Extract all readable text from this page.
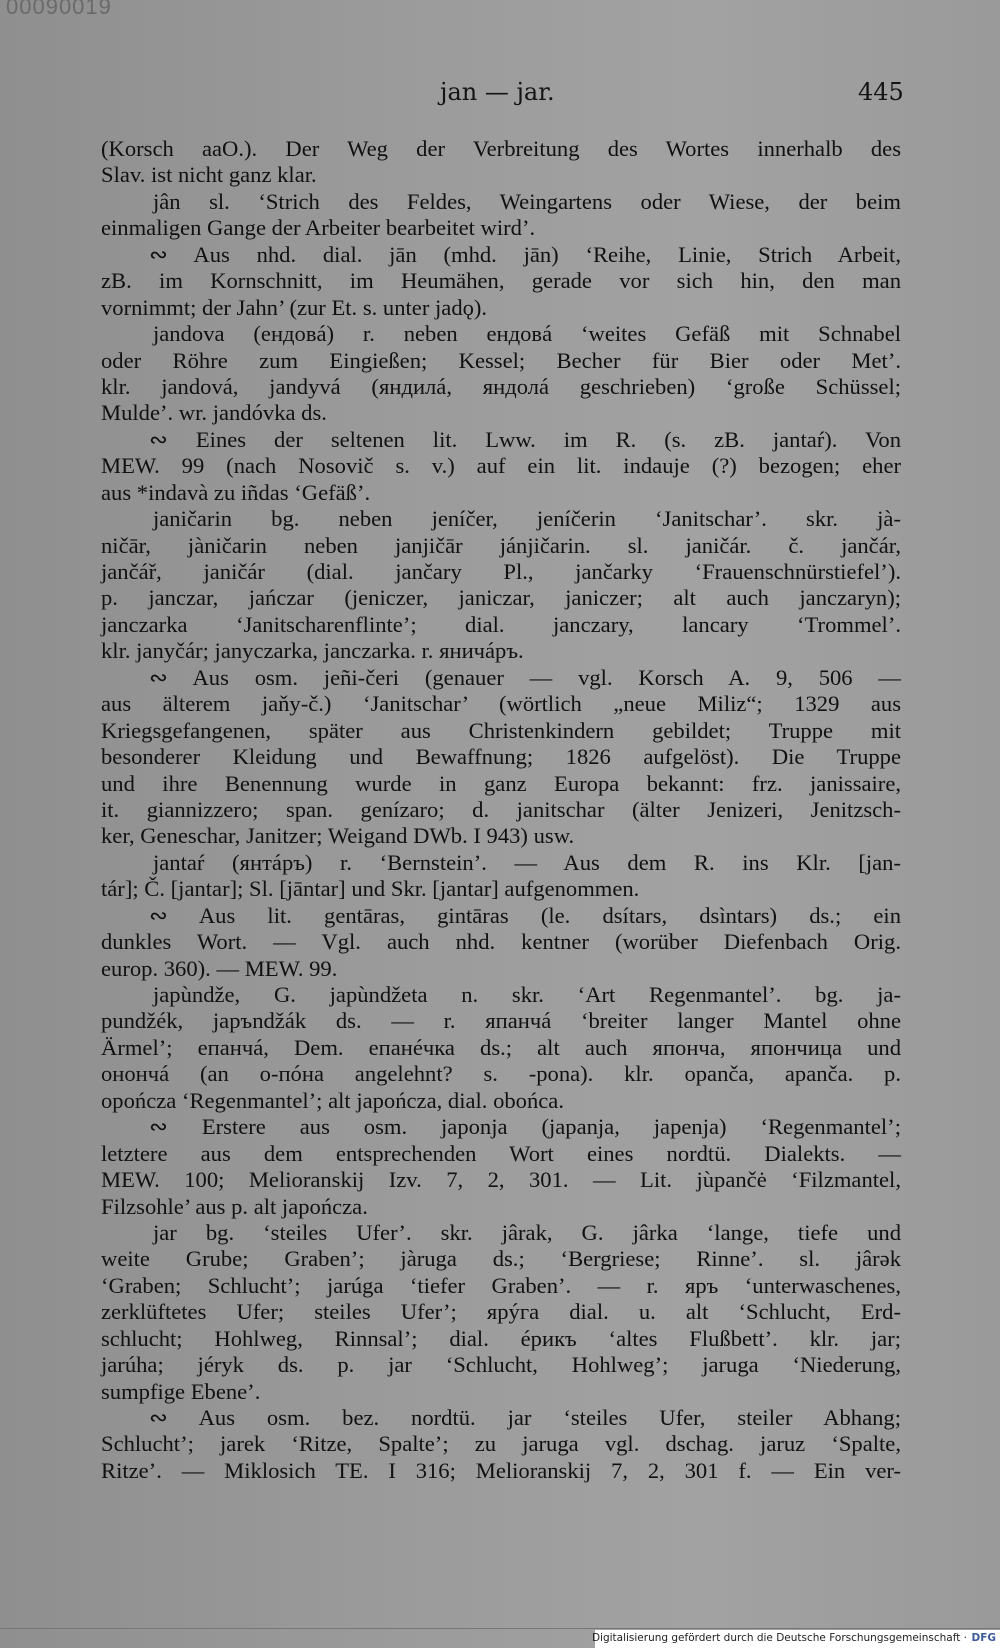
00090019
jan — jar.	445
(Korsch aaO.). Der Weg der Verbreitung des Wortes innerhalb des
Slav. ist nicht ganz klar.
jân sl. ‘Strich des Feldes, Weingartens oder Wiese, der beim
einmaligen Gange der Arbeiter bearbeitet wird’.
∾ Aus nhd. dial. jān (mhd. jān) ‘Reihe, Linie, Strich Arbeit,
zB. im Kornschnitt, im Heumähen, gerade vor sich hin, den man
vornimmt; der Jahn’ (zur Et. s. unter jadǫ).
jandova (ендовá) r. neben ендовá ‘weites Gefäß mit Schnabel
oder Röhre zum Eingießen; Kessel; Becher für Bier oder Met’.
klr. jandová, jandyvá (яндилá, яндолá geschrieben) ‘große Schüssel;
Mulde’. wr. jandóvka ds.
∾ Eines der seltenen lit. Lww. im R. (s. zB. jantaŕ). Von
MEW. 99 (nach Nosovič s. v.) auf ein lit. indauje (?) bezogen; eher
aus *indavà zu iñdas ‘Gefäß’.
janičarin bg. neben jeníčer, jeníčerin ‘Janitschar’. skr. jà-
ničār, jàničarin neben janjičār jánjičarin. sl. janičár. č. jančár,
jančář, janičár (dial. jančary Pl., jančarky ‘Frauenschnürstiefel’).
p. janczar, jańczar (jeniczer, janiczar, janiczer; alt auch janczaryn);
janczarka ‘Janitscharenflinte’; dial. janczary, lancary ‘Trommel’.
klr. janyčár; janyczarka, janczarka. r. яничáръ.
∾ Aus osm. jeñi-čeri (genauer — vgl. Korsch A. 9, 506 —
aus älterem jaňy-č.) ‘Janitschar’ (wörtlich „neue Miliz“; 1329 aus
Kriegsgefangenen, später aus Christenkindern gebildet; Truppe mit
besonderer Kleidung und Bewaffnung; 1826 aufgelöst). Die Truppe
und ihre Benennung wurde in ganz Europa bekannt: frz. janissaire,
it. giannizzero; span. genízaro; d. janitschar (älter Jenizeri, Jenitzsch-
ker, Geneschar, Janitzer; Weigand DWb. I 943) usw.
jantaŕ (янтáръ) r. ‘Bernstein’. — Aus dem R. ins Klr. [jan-
tár]; Č. [jantar]; Sl. [jāntar] und Skr. [jantar] aufgenommen.
∾ Aus lit. gentāras, gintāras (le. dsítars, dsìntars) ds.; ein
dunkles Wort. — Vgl. auch nhd. kentner (worüber Diefenbach Orig.
europ. 360). — MEW. 99.
japùndže, G. japùndžeta n. skr. ‘Art Regenmantel’. bg. ja-
pundžék, japъndžák ds. — r. япанчá ‘breiter langer Mantel ohne
Ärmel’; епанчá, Dem. епанéчка ds.; alt auch японча, япончица und
онончá (an о-пóна angelehnt? s. -pona). klr. opanča, apanča. p.
opończa ‘Regenmantel’; alt japończa, dial. obońca.
∾ Erstere aus osm. japonja (japanja, japenja) ‘Regenmantel’;
letztere aus dem entsprechenden Wort eines nordtü. Dialekts. —
MEW. 100; Melioranskij Izv. 7, 2, 301. — Lit. jùpančė ‘Filzmantel,
Filzsohle’ aus p. alt japończa.
jar bg. ‘steiles Ufer’. skr. jârak, G. jârka ‘lange, tiefe und
weite Grube; Graben’; jàruga ds.; ‘Bergriese; Rinne’. sl. jârək
‘Graben; Schlucht’; jarúga ‘tiefer Graben’. — r. яръ ‘unterwaschenes,
zerklüftetes Ufer; steiles Ufer’; ярýга dial. u. alt ‘Schlucht, Erd-
schlucht; Hohlweg, Rinnsal’; dial. éрикъ ‘altes Flußbett’. klr. jar;
jarúha; jéryk ds. p. jar ‘Schlucht, Hohlweg’; jaruga ‘Niederung,
sumpfige Ebene’.
∾ Aus osm. bez. nordtü. jar ‘steiles Ufer, steiler Abhang;
Schlucht’; jarek ‘Ritze, Spalte’; zu jaruga vgl. dschag. jaruz ‘Spalte,
Ritze’. — Miklosich TE. I 316; Melioranskij 7, 2, 301 f. — Ein ver-
Digitalisierung gefördert durch die Deutsche Forschungsgemeinschaft · DFG
